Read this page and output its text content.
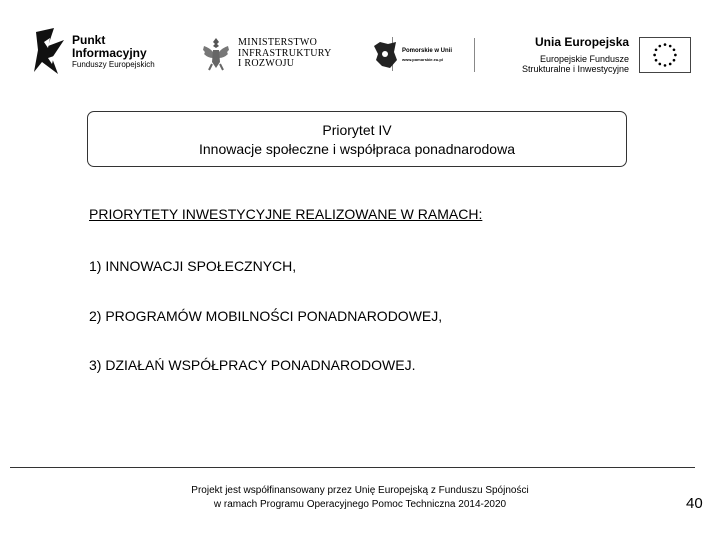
Punkt
Informacyjny
Funduszy Europejskich
MINISTERSTWO
INFRASTRUKTURY
I ROZWOJU
Pomorskie w Unii
www.pomorskie.eu.pl
Unia Europejska
Europejskie Fundusze
Strukturalne i Inwestycyjne
Priorytet IV
Innowacje społeczne i współpraca ponadnarodowa
PRIORYTETY INWESTYCYJNE REALIZOWANE W RAMACH:
1) INNOWACJI SPOŁECZNYCH,
2) PROGRAMÓW MOBILNOŚCI PONADNARODOWEJ,
3) DZIAŁAŃ WSPÓŁPRACY PONADNARODOWEJ.
Projekt jest współfinansowany przez Unię Europejską z Funduszu Spójności
w ramach Programu Operacyjnego Pomoc Techniczna 2014-2020	40
